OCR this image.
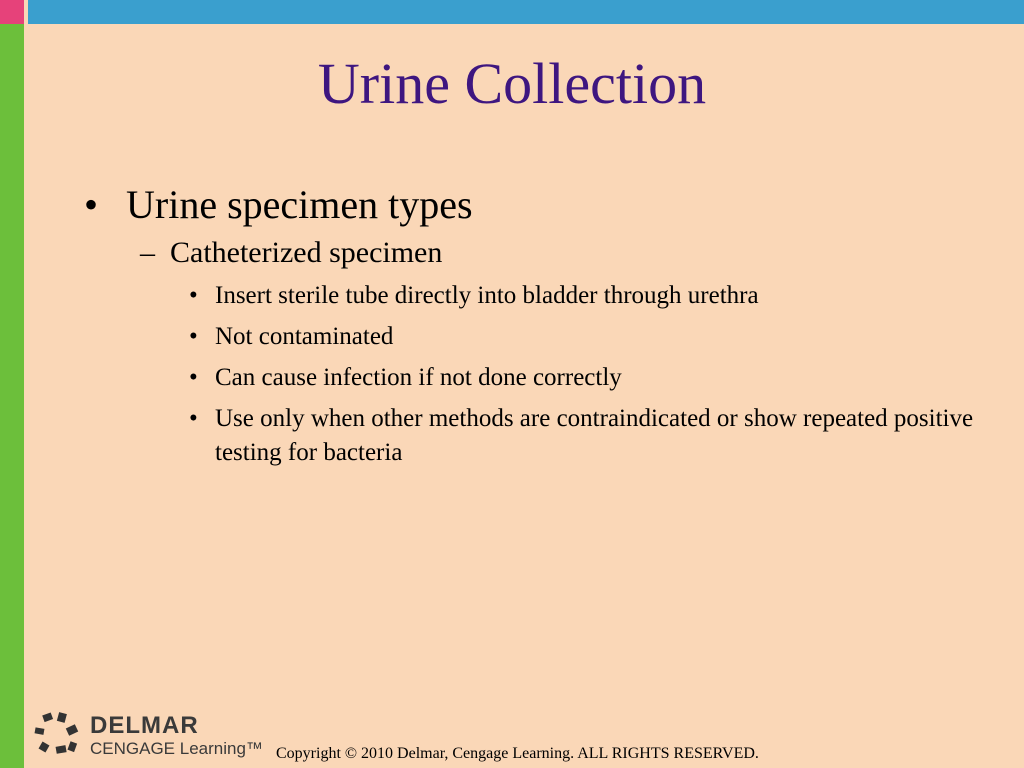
Urine Collection
• Urine specimen types
– Catheterized specimen
• Insert sterile tube directly into bladder through urethra
• Not contaminated
• Can cause infection if not done correctly
• Use only when other methods are contraindicated or show repeated positive testing for bacteria
DELMAR
CENGAGE Learning™ Copyright © 2010 Delmar, Cengage Learning. ALL RIGHTS RESERVED.
